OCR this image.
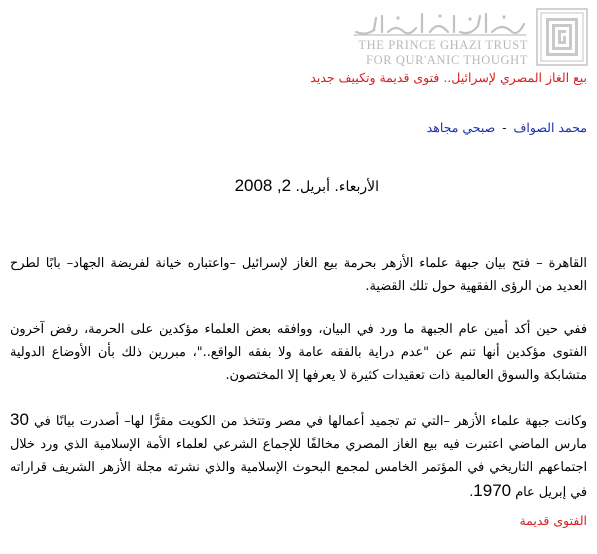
THE PRINCE GHAZI TRUST
FOR QUR'ANIC THOUGHT
بيع الغاز المصري لإسرائيل.. فتوى قديمة وتكييف جديد
محمد الصواف - صبحي مجاهد
الأربعاء. أبريل. 2, 2008

القاهرة – فتح بيان جبهة علماء الأزهر بحرمة بيع الغاز لإسرائيل –واعتباره خيانة لفريضة الجهاد– بابًا لطرح العديد من الرؤى الفقهية حول تلك القضية.

ففي حين أكد أمين عام الجبهة ما ورد في البيان، ووافقه بعض العلماء مؤكدين على الحرمة، رفض آخرون الفتوى مؤكدين أنها تنم عن "عدم دراية بالفقه عامة ولا بفقه الواقع.."، مبررين ذلك بأن الأوضاع الدولية متشابكة والسوق العالمية ذات تعقيدات كثيرة لا يعرفها إلا المختصون.

وكانت جبهة علماء الأزهر –التي تم تجميد أعمالها في مصر وتتخذ من الكويت مقرًّا لها– أصدرت بيانًا في 30 مارس الماضي اعتبرت فيه بيع الغاز المصري مخالفًا للإجماع الشرعي لعلماء الأمة الإسلامية الذي ورد خلال اجتماعهم التاريخي في المؤتمر الخامس لمجمع البحوث الإسلامية والذي نشرته مجلة الأزهر الشريف قراراته في إبريل عام 1970.

الفتوى قديمة
